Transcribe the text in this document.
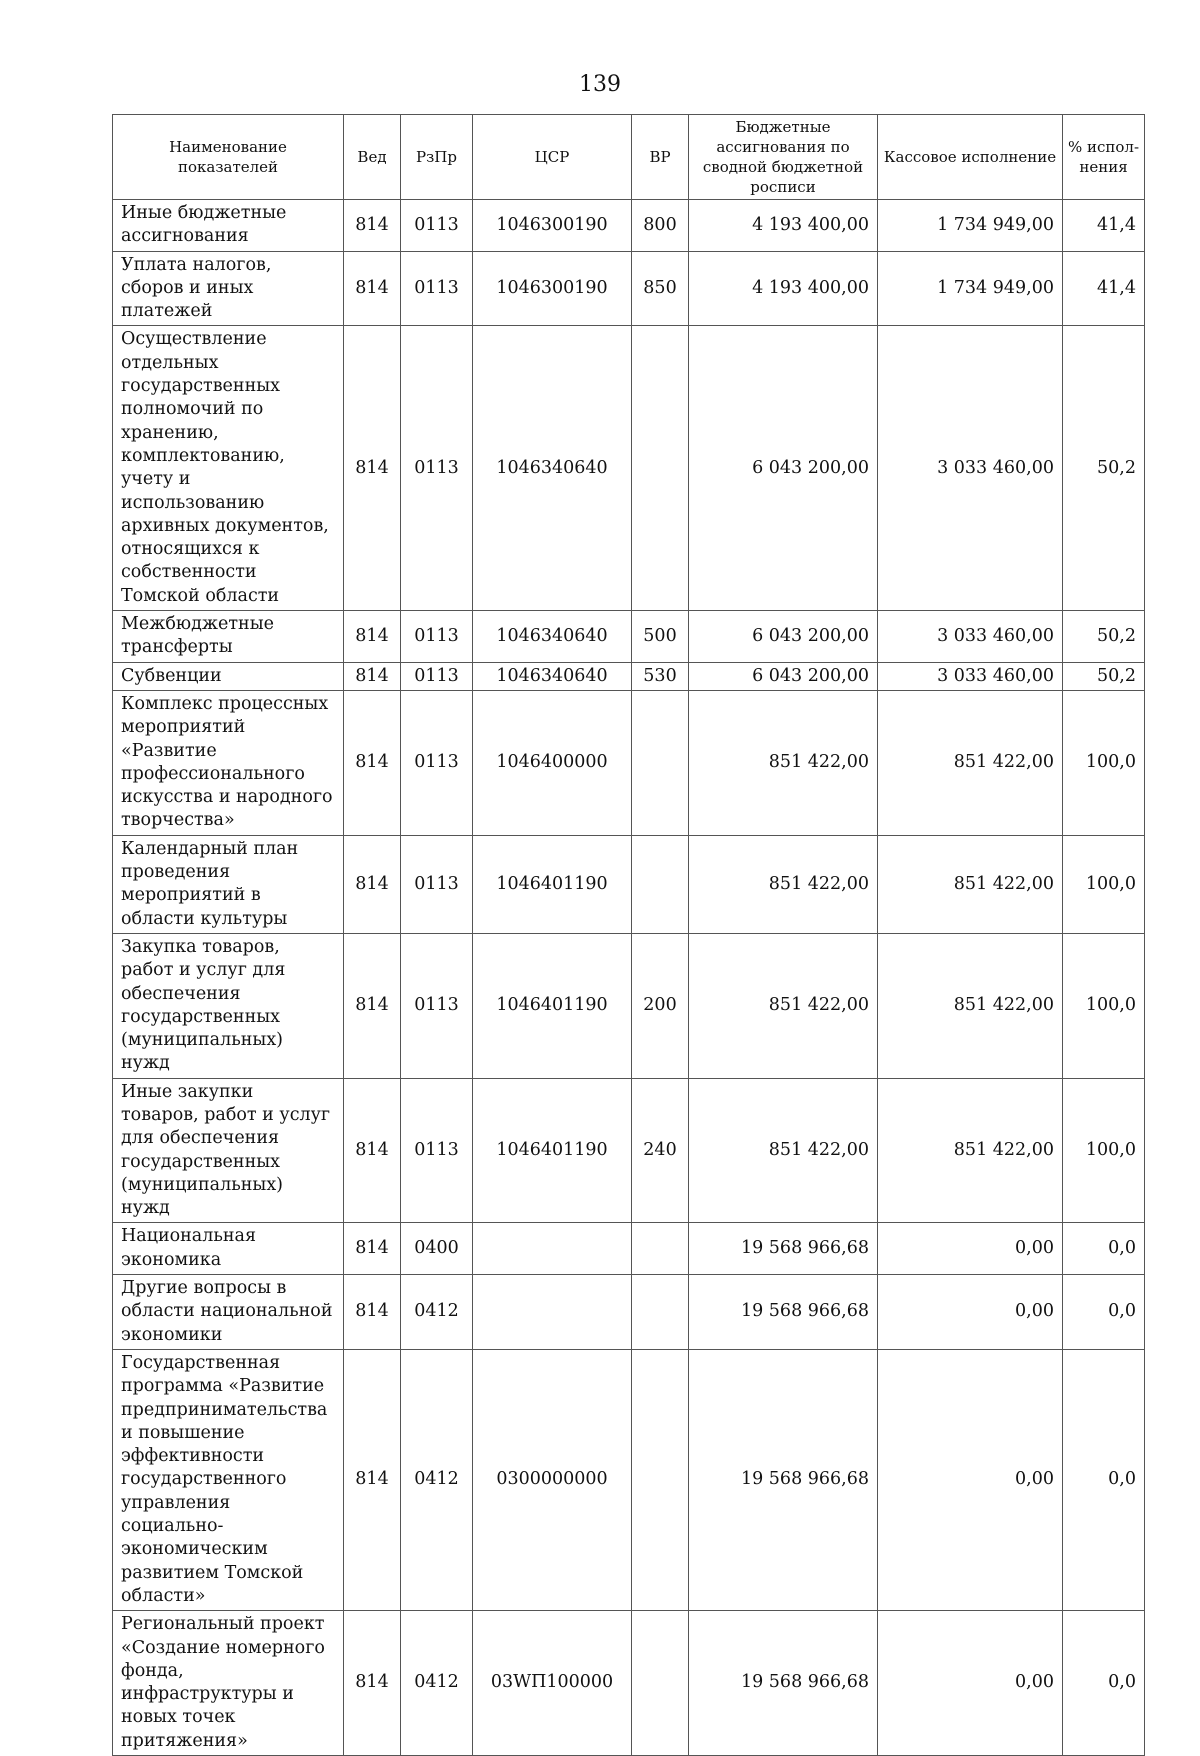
139
Наименование показателей	Вед	РзПр	ЦСР	ВР	Бюджетные ассигнования по сводной бюджетной росписи	Кассовое исполнение	% испол-нения
Иные бюджетные ассигнования	814	0113	1046300190	800	4 193 400,00	1 734 949,00	41,4
Уплата налогов, сборов и иных платежей	814	0113	1046300190	850	4 193 400,00	1 734 949,00	41,4
Осуществление отдельных государственных полномочий по хранению, комплектованию, учету и использованию архивных документов, относящихся к собственности Томской области	814	0113	1046340640		6 043 200,00	3 033 460,00	50,2
Межбюджетные трансферты	814	0113	1046340640	500	6 043 200,00	3 033 460,00	50,2
Субвенции	814	0113	1046340640	530	6 043 200,00	3 033 460,00	50,2
Комплекс процессных мероприятий «Развитие профессионального искусства и народного творчества»	814	0113	1046400000		851 422,00	851 422,00	100,0
Календарный план проведения мероприятий в области культуры	814	0113	1046401190		851 422,00	851 422,00	100,0
Закупка товаров, работ и услуг для обеспечения государственных (муниципальных) нужд	814	0113	1046401190	200	851 422,00	851 422,00	100,0
Иные закупки товаров, работ и услуг для обеспечения государственных (муниципальных) нужд	814	0113	1046401190	240	851 422,00	851 422,00	100,0
Национальная экономика	814	0400			19 568 966,68	0,00	0,0
Другие вопросы в области национальной экономики	814	0412			19 568 966,68	0,00	0,0
Государственная программа «Развитие предпринимательства и повышение эффективности государственного управления социально-экономическим развитием Томской области»	814	0412	0300000000		19 568 966,68	0,00	0,0
Региональный проект «Создание номерного фонда, инфраструктуры и новых точек притяжения»	814	0412	03WП100000		19 568 966,68	0,00	0,0
